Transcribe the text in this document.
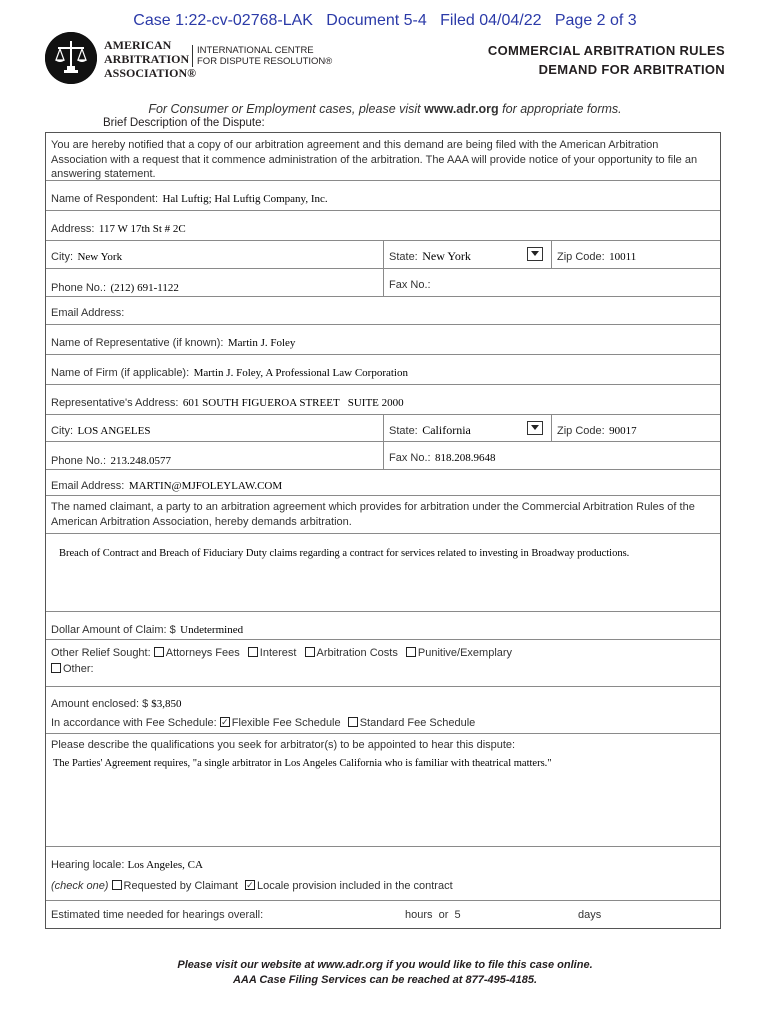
Case 1:22-cv-02768-LAK   Document 5-4   Filed 04/04/22   Page 2 of 3
AMERICAN
ARBITRATION
ASSOCIATION®
INTERNATIONAL CENTRE
FOR DISPUTE RESOLUTION®
COMMERCIAL ARBITRATION RULES
DEMAND FOR ARBITRATION
For Consumer or Employment cases, please visit www.adr.org for appropriate forms.
Brief Description of the Dispute:
You are hereby notified that a copy of our arbitration agreement and this demand are being filed with the American Arbitration Association with a request that it commence administration of the arbitration. The AAA will provide notice of your opportunity to file an answering statement.
Name of Respondent: Hal Luftig; Hal Luftig Company, Inc.
Address: 117 W 17th St # 2C
City: New York	State: New York	Zip Code: 10011
Phone No.: (212) 691-1122	Fax No.:
Email Address:
Name of Representative (if known): Martin J. Foley
Name of Firm (if applicable): Martin J. Foley, A Professional Law Corporation
Representative's Address: 601 SOUTH FIGUEROA STREET   SUITE 2000
City: LOS ANGELES	State: California	Zip Code: 90017
Phone No.: 213.248.0577	Fax No.: 818.208.9648
Email Address: MARTIN@MJFOLEYLAW.COM
The named claimant, a party to an arbitration agreement which provides for arbitration under the Commercial Arbitration Rules of the American Arbitration Association, hereby demands arbitration.
Breach of Contract and Breach of Fiduciary Duty claims regarding a contract for services related to investing in Broadway productions.
Dollar Amount of Claim: $ Undetermined
Other Relief Sought: Attorneys Fees Interest Arbitration Costs Punitive/Exemplary
Other:
Amount enclosed: $ $3,850
In accordance with Fee Schedule: ✓ Flexible Fee Schedule Standard Fee Schedule
Please describe the qualifications you seek for arbitrator(s) to be appointed to hear this dispute:
The Parties' Agreement requires, "a single arbitrator in Los Angeles California who is familiar with theatrical matters."
Hearing locale: Los Angeles, CA
(check one) Requested by Claimant ✓ Locale provision included in the contract
Estimated time needed for hearings overall:	hours  or  5	days
Please visit our website at www.adr.org if you would like to file this case online.
AAA Case Filing Services can be reached at 877-495-4185.
